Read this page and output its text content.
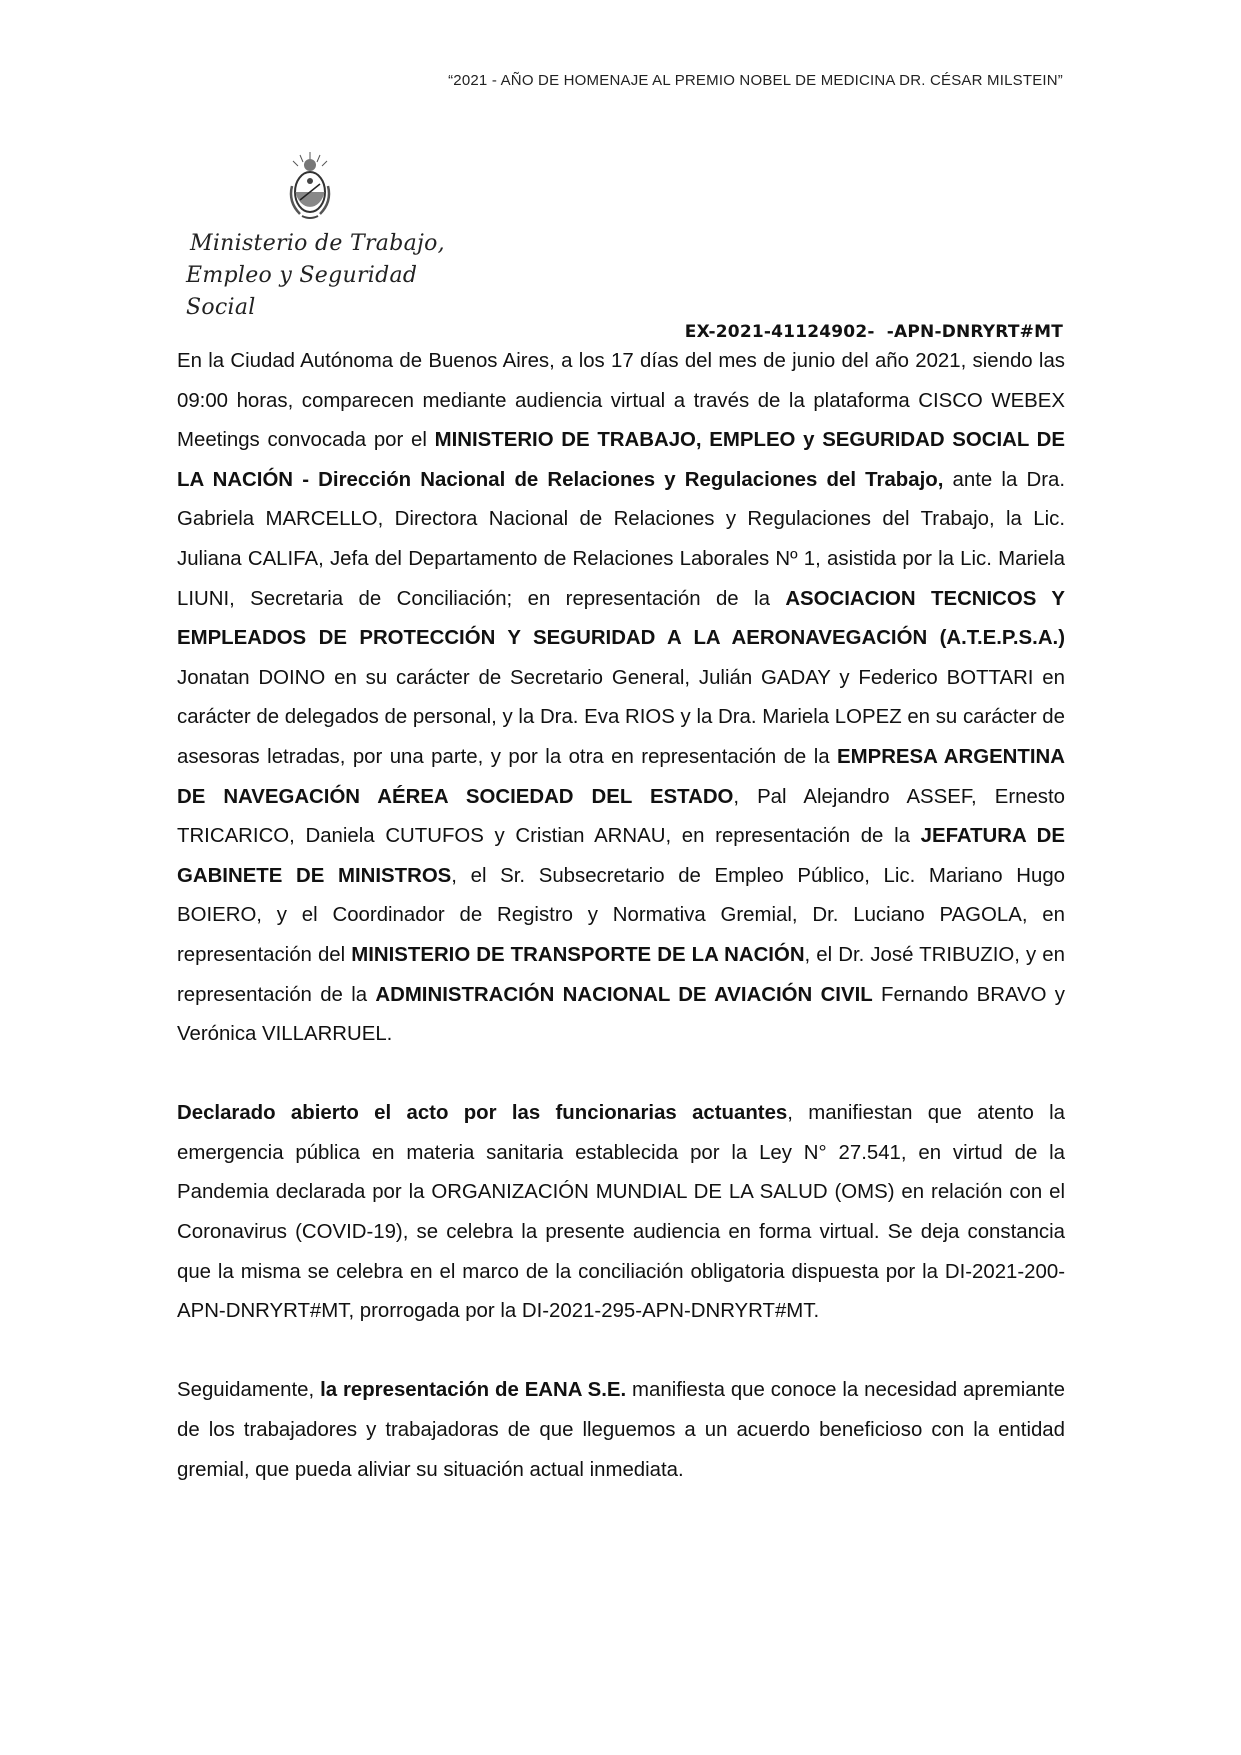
“2021 - AÑO DE HOMENAJE AL PREMIO NOBEL DE MEDICINA DR. CÉSAR MILSTEIN”
Ministerio de Trabajo,
Empleo y Seguridad Social
EX-2021-41124902- -APN-DNRYRT#MT

En la Ciudad Autónoma de Buenos Aires, a los 17 días del mes de junio del año 2021, siendo las 09:00 horas, comparecen mediante audiencia virtual a través de la plataforma CISCO WEBEX Meetings convocada por el MINISTERIO DE TRABAJO, EMPLEO y SEGURIDAD SOCIAL DE LA NACIÓN - Dirección Nacional de Relaciones y Regulaciones del Trabajo, ante la Dra. Gabriela MARCELLO, Directora Nacional de Relaciones y Regulaciones del Trabajo, la Lic. Juliana CALIFA, Jefa del Departamento de Relaciones Laborales Nº 1, asistida por la Lic. Mariela LIUNI, Secretaria de Conciliación; en representación de la ASOCIACION TECNICOS Y EMPLEADOS DE PROTECCIÓN Y SEGURIDAD A LA AERONAVEGACIÓN (A.T.E.P.S.A.) Jonatan DOINO en su carácter de Secretario General, Julián GADAY y Federico BOTTARI en carácter de delegados de personal, y la Dra. Eva RIOS y la Dra. Mariela LOPEZ en su carácter de asesoras letradas, por una parte, y por la otra en representación de la EMPRESA ARGENTINA DE NAVEGACIÓN AÉREA SOCIEDAD DEL ESTADO, Pal Alejandro ASSEF, Ernesto TRICARICO, Daniela CUTUFOS y Cristian ARNAU, en representación de la JEFATURA DE GABINETE DE MINISTROS, el Sr. Subsecretario de Empleo Público, Lic. Mariano Hugo BOIERO, y el Coordinador de Registro y Normativa Gremial, Dr. Luciano PAGOLA, en representación del MINISTERIO DE TRANSPORTE DE LA NACIÓN, el Dr. José TRIBUZIO, y en representación de la ADMINISTRACIÓN NACIONAL DE AVIACIÓN CIVIL Fernando BRAVO y Verónica VILLARRUEL.

Declarado abierto el acto por las funcionarias actuantes, manifiestan que atento la emergencia pública en materia sanitaria establecida por la Ley N° 27.541, en virtud de la Pandemia declarada por la ORGANIZACIÓN MUNDIAL DE LA SALUD (OMS) en relación con el Coronavirus (COVID-19), se celebra la presente audiencia en forma virtual. Se deja constancia que la misma se celebra en el marco de la conciliación obligatoria dispuesta por la DI-2021-200-APN-DNRYRT#MT, prorrogada por la DI-2021-295-APN-DNRYRT#MT.

Seguidamente, la representación de EANA S.E. manifiesta que conoce la necesidad apremiante de los trabajadores y trabajadoras de que lleguemos a un acuerdo beneficioso con la entidad gremial, que pueda aliviar su situación actual inmediata.
